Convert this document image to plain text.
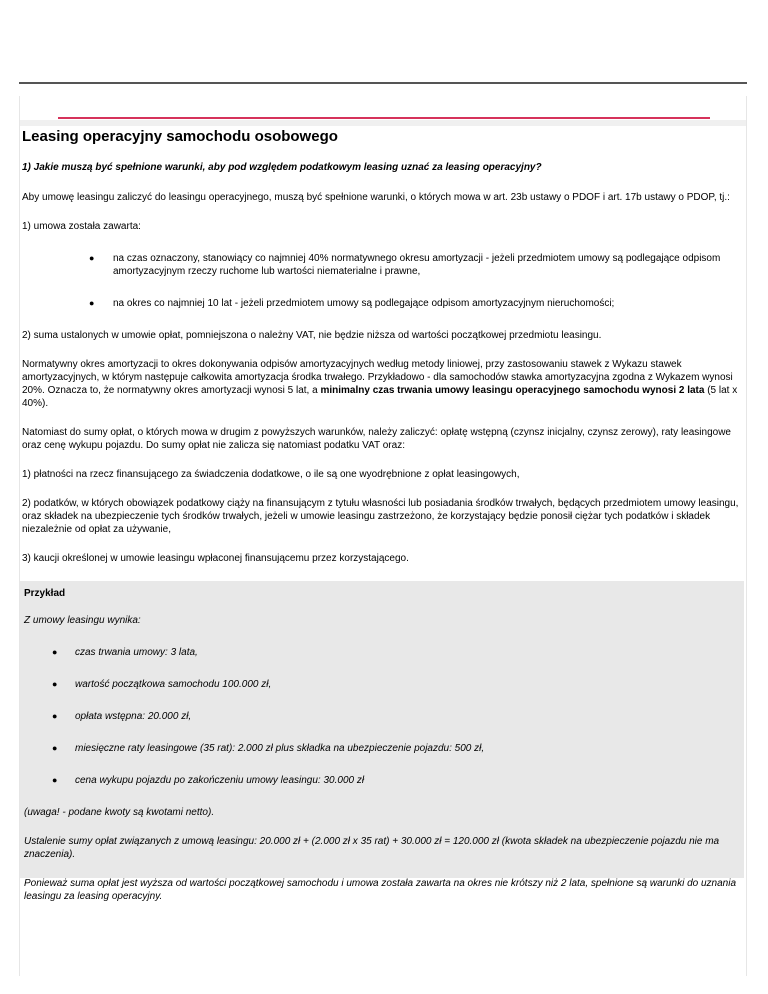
Leasing operacyjny samochodu osobowego

1) Jakie muszą być spełnione warunki, aby pod względem podatkowym leasing uznać za leasing operacyjny?

Aby umowę leasingu zaliczyć do leasingu operacyjnego, muszą być spełnione warunki, o których mowa w art. 23b ustawy o PDOF i art. 17b ustawy o PDOP, tj.:

1) umowa została zawarta:

● na czas oznaczony, stanowiący co najmniej 40% normatywnego okresu amortyzacji - jeżeli przedmiotem umowy są podlegające odpisom amortyzacyjnym rzeczy ruchome lub wartości niematerialne i prawne,
● na okres co najmniej 10 lat - jeżeli przedmiotem umowy są podlegające odpisom amortyzacyjnym nieruchomości;

2) suma ustalonych w umowie opłat, pomniejszona o należny VAT, nie będzie niższa od wartości początkowej przedmiotu leasingu.

Normatywny okres amortyzacji to okres dokonywania odpisów amortyzacyjnych według metody liniowej, przy zastosowaniu stawek z Wykazu stawek amortyzacyjnych, w którym następuje całkowita amortyzacja środka trwałego. Przykładowo - dla samochodów stawka amortyzacyjna zgodna z Wykazem wynosi 20%. Oznacza to, że normatywny okres amortyzacji wynosi 5 lat, a minimalny czas trwania umowy leasingu operacyjnego samochodu wynosi 2 lata (5 lat x 40%).

Natomiast do sumy opłat, o których mowa w drugim z powyższych warunków, należy zaliczyć: opłatę wstępną (czynsz inicjalny, czynsz zerowy), raty leasingowe oraz cenę wykupu pojazdu. Do sumy opłat nie zalicza się natomiast podatku VAT oraz:

1) płatności na rzecz finansującego za świadczenia dodatkowe, o ile są one wyodrębnione z opłat leasingowych,

2) podatków, w których obowiązek podatkowy ciąży na finansującym z tytułu własności lub posiadania środków trwałych, będących przedmiotem umowy leasingu, oraz składek na ubezpieczenie tych środków trwałych, jeżeli w umowie leasingu zastrzeżono, że korzystający będzie ponosił ciężar tych podatków i składek niezależnie od opłat za używanie,

3) kaucji określonej w umowie leasingu wpłaconej finansującemu przez korzystającego.

Przykład

Z umowy leasingu wynika:

● czas trwania umowy: 3 lata,
● wartość początkowa samochodu 100.000 zł,
● opłata wstępna: 20.000 zł,
● miesięczne raty leasingowe (35 rat): 2.000 zł plus składka na ubezpieczenie pojazdu: 500 zł,
● cena wykupu pojazdu po zakończeniu umowy leasingu: 30.000 zł

(uwaga! - podane kwoty są kwotami netto).

Ustalenie sumy opłat związanych z umową leasingu: 20.000 zł + (2.000 zł x 35 rat) + 30.000 zł = 120.000 zł (kwota składek na ubezpieczenie pojazdu nie ma znaczenia).

Ponieważ suma opłat jest wyższa od wartości początkowej samochodu i umowa została zawarta na okres nie krótszy niż 2 lata, spełnione są warunki do uznania leasingu za leasing operacyjny.
